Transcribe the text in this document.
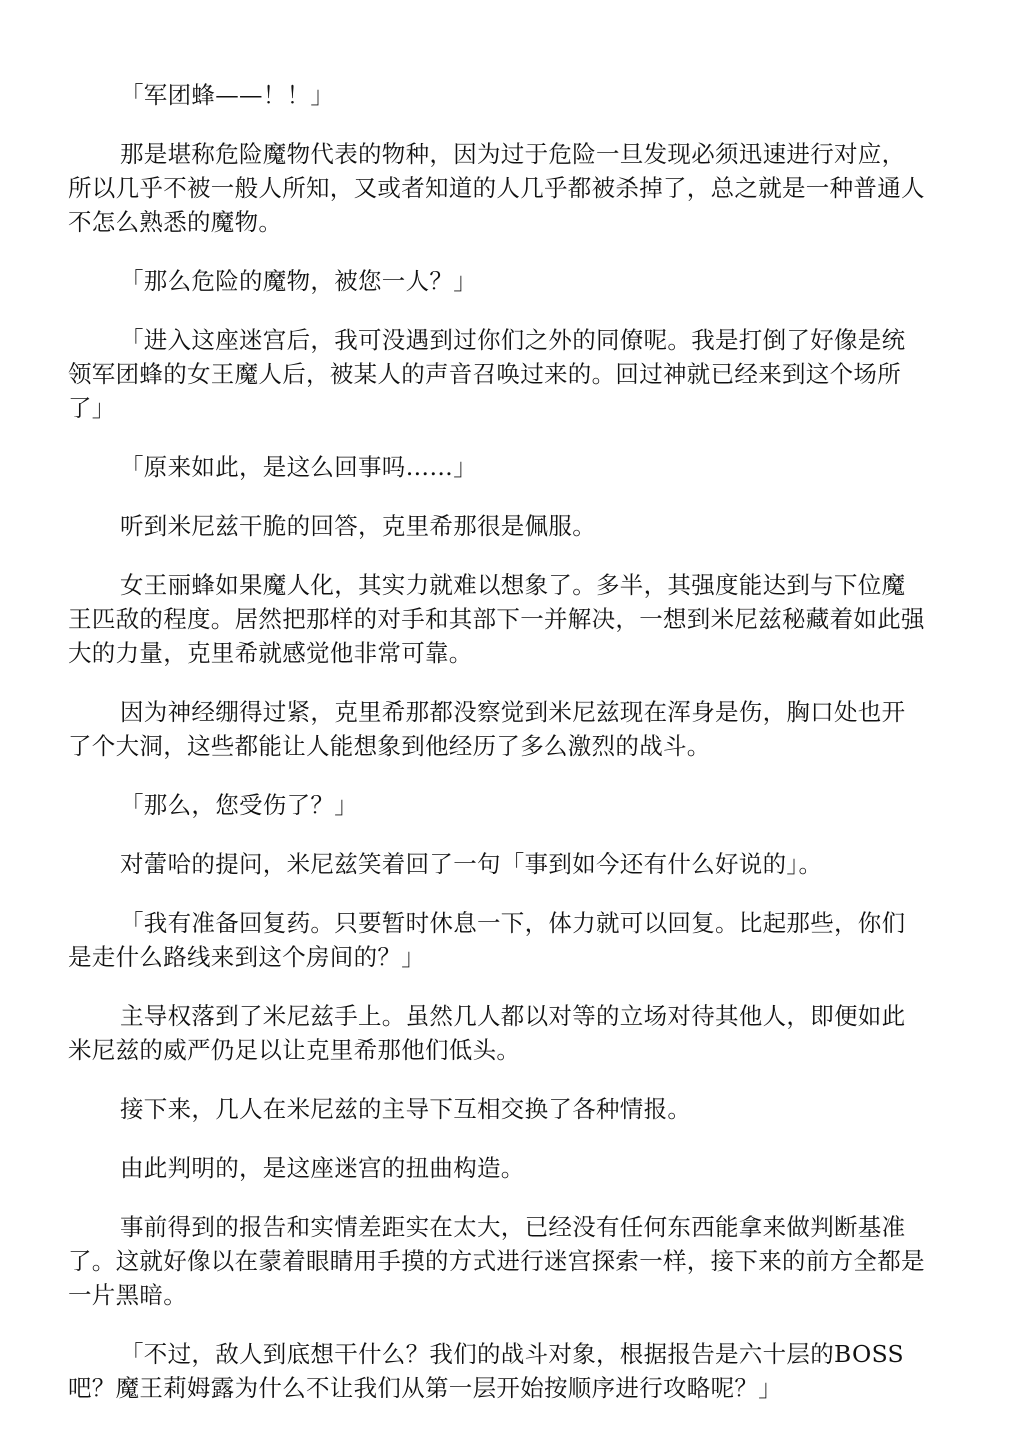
「军团蜂——！！」

那是堪称危险魔物代表的物种，因为过于危险一旦发现必须迅速进行对应，所以几乎不被一般人所知，又或者知道的人几乎都被杀掉了，总之就是一种普通人不怎么熟悉的魔物。

「那么危险的魔物，被您一人？」

「进入这座迷宫后，我可没遇到过你们之外的同僚呢。我是打倒了好像是统领军团蜂的女王魔人后，被某人的声音召唤过来的。回过神就已经来到这个场所了」

「原来如此，是这么回事吗……」

听到米尼兹干脆的回答，克里希那很是佩服。

女王丽蜂如果魔人化，其实力就难以想象了。多半，其强度能达到与下位魔王匹敌的程度。居然把那样的对手和其部下一并解决，一想到米尼兹秘藏着如此强大的力量，克里希就感觉他非常可靠。

因为神经绷得过紧，克里希那都没察觉到米尼兹现在浑身是伤，胸口处也开了个大洞，这些都能让人能想象到他经历了多么激烈的战斗。

「那么，您受伤了？」

对蕾哈的提问，米尼兹笑着回了一句「事到如今还有什么好说的」。

「我有准备回复药。只要暂时休息一下，体力就可以回复。比起那些，你们是走什么路线来到这个房间的？」

主导权落到了米尼兹手上。虽然几人都以对等的立场对待其他人，即便如此米尼兹的威严仍足以让克里希那他们低头。

接下来，几人在米尼兹的主导下互相交换了各种情报。

由此判明的，是这座迷宫的扭曲构造。

事前得到的报告和实情差距实在太大，已经没有任何东西能拿来做判断基准了。这就好像以在蒙着眼睛用手摸的方式进行迷宫探索一样，接下来的前方全都是一片黑暗。

「不过，敌人到底想干什么？我们的战斗对象，根据报告是六十层的BOSS吧？魔王莉姆露为什么不让我们从第一层开始按顺序进行攻略呢？」
